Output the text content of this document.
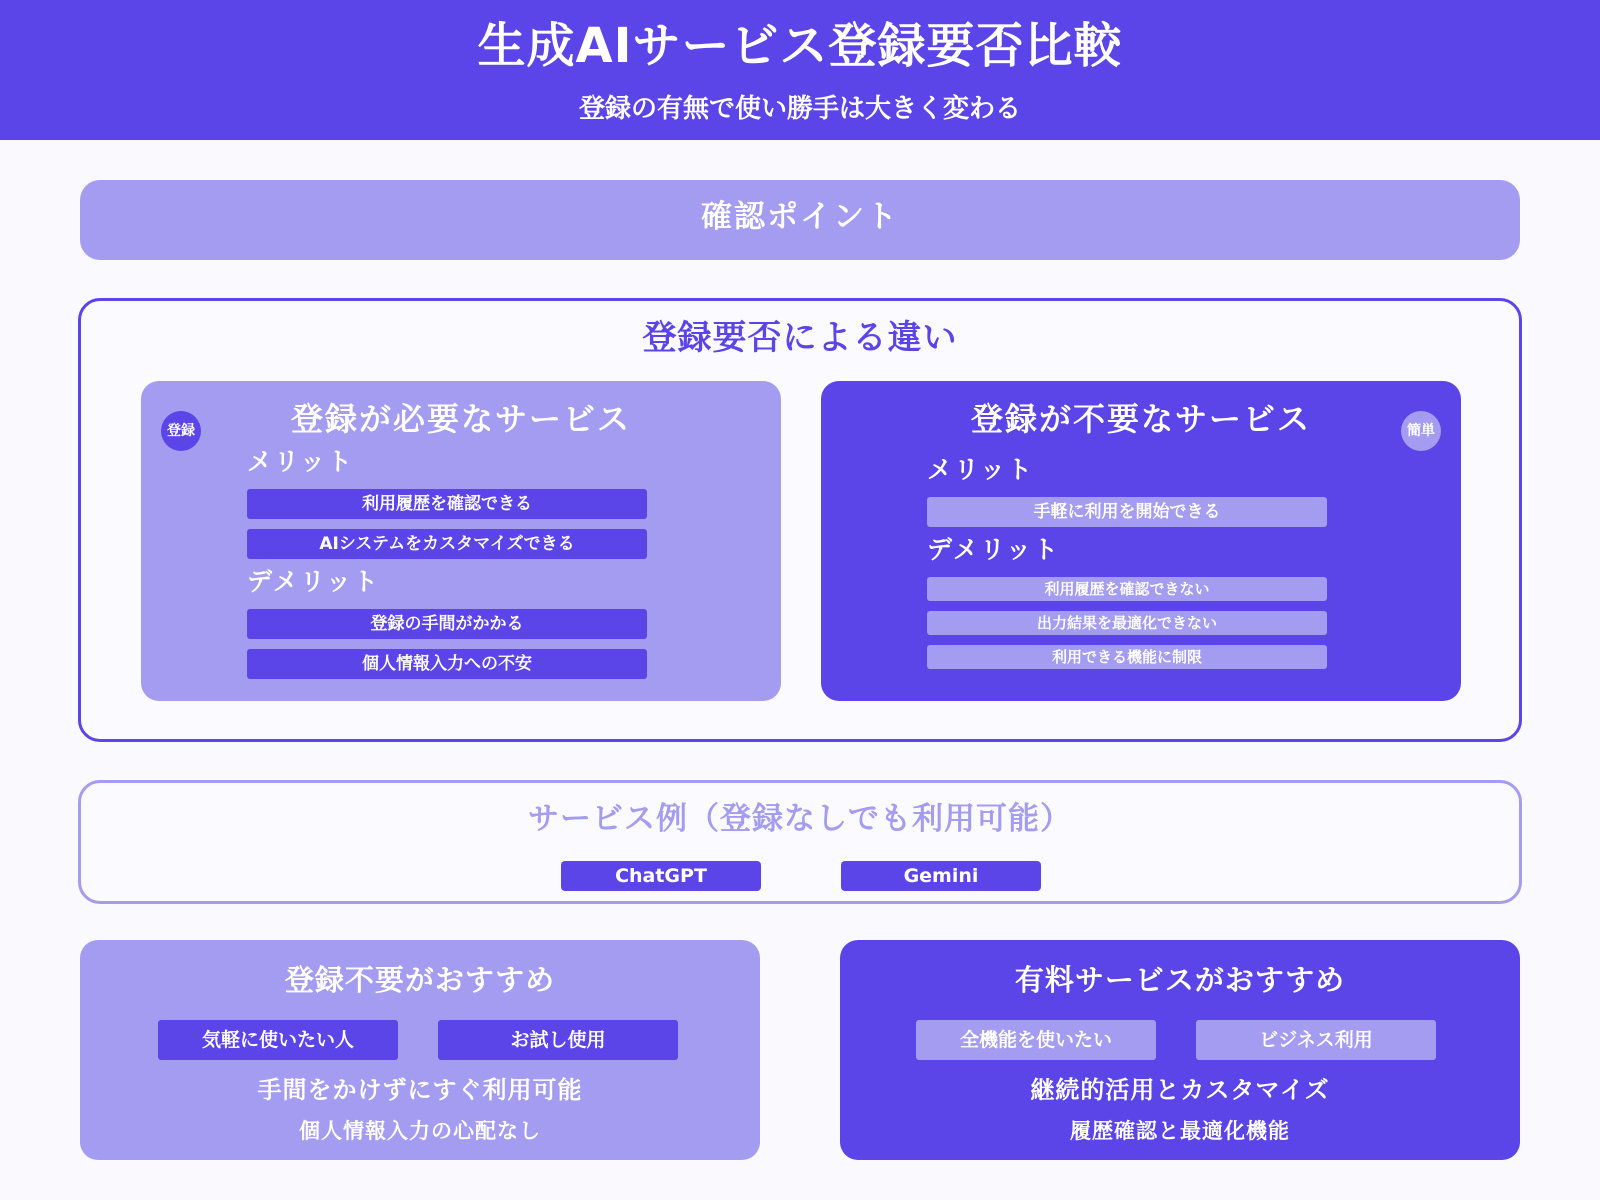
生成AIサービス登録要否比較
登録の有無で使い勝手は大きく変わる
確認ポイント
登録要否による違い
登録	登録が必要なサービス
メリット
利用履歴を確認できる
AIシステムをカスタマイズできる
デメリット
登録の手間がかかる
個人情報入力への不安
簡単
登録が不要なサービス
メリット
手軽に利用を開始できる
デメリット
利用履歴を確認できない
出力結果を最適化できない
利用できる機能に制限
サービス例（登録なしでも利用可能）
ChatGPT	Gemini
登録不要がおすすめ
気軽に使いたい人	お試し使用
手間をかけずにすぐ利用可能
個人情報入力の心配なし
有料サービスがおすすめ
全機能を使いたい	ビジネス利用
継続的活用とカスタマイズ
履歴確認と最適化機能
